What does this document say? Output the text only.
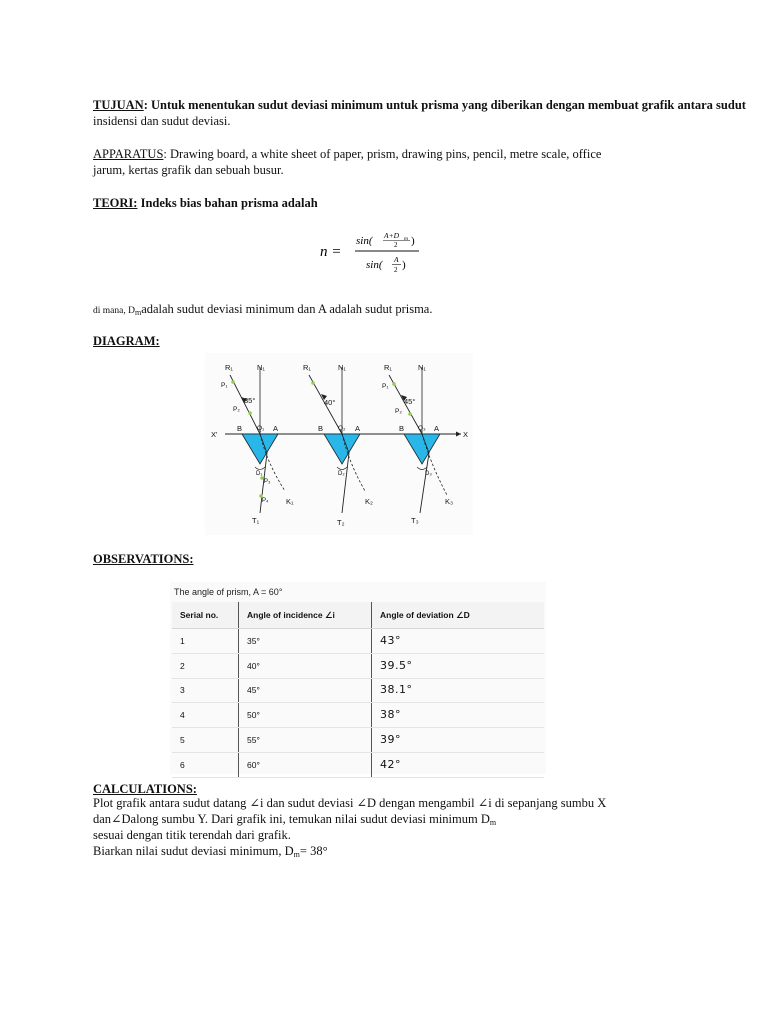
TUJUAN: Untuk menentukan sudut deviasi minimum untuk prisma yang diberikan dengan membuat grafik antara sudut
insidensi dan sudut deviasi.
APPARATUS: Drawing board, a white sheet of paper, prism, drawing pins, pencil, metre scale, office
jarum, kertas grafik dan sebuah busur.
TEORI: Indeks bias bahan prisma adalah
n =
sin( A+D m
2 )
sin( A
2 )
di mana, $D_madalah$ sudut deviasi minimum dan A adalah sudut prisma.
DIAGRAM:
X'	X
R₁	N₁
35°
B Q₁ A
P₁
P₂
P₃
P₄
D₁
K₁
T₁
R₁	N₁
40°
B Q₂ A
D₂
K₂
T₂
R₁	N₁
45°
B Q₃ A
P₁
P₂
D₃
K₃
T₃
OBSERVATIONS:
The angle of prism, A = 60°
Serial no.	Angle of incidence ∠i	Angle of deviation ∠D
1	35°	43°
2	40°	39.5°
3	45°	38.1°
4	50°	38°
5	55°	39°
6	60°	42°
CALCULATIONS:
Plot grafik antara sudut datang ∠i dan sudut deviasi ∠D dengan mengambil ∠i di sepanjang sumbu X
dan∠Dalong sumbu Y. Dari grafik ini, temukan nilai sudut deviasi minimum $D_m$
sesuai dengan titik terendah dari grafik.
Biarkan nilai sudut deviasi minimum, $D_m= 38^\circ$
